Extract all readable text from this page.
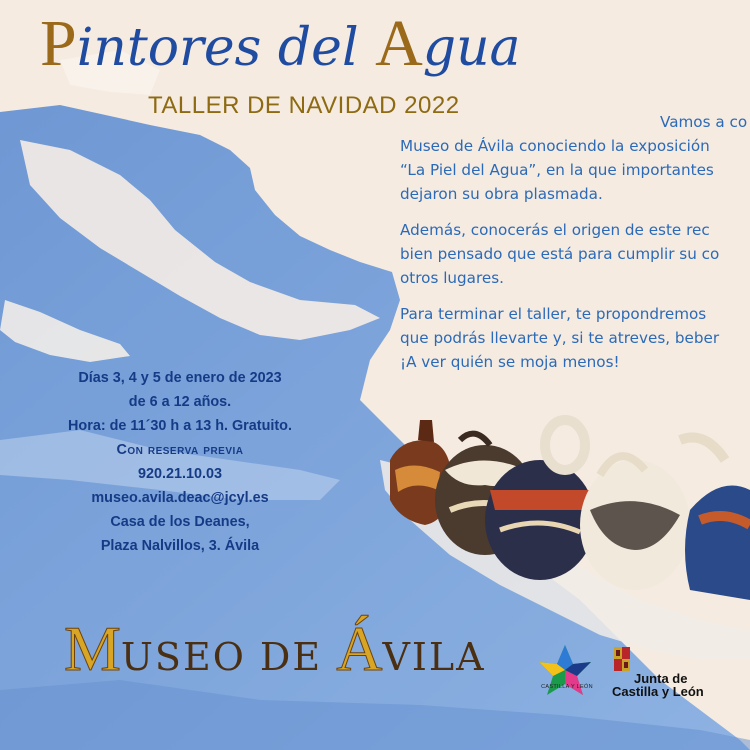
Pintores del Agua
TALLER DE NAVIDAD 2022

Vamos a co
Museo de Ávila conociendo la exposición
“La Piel del Agua”, en la que importantes
dejaron su obra plasmada.

Además, conocerás el origen de este rec
bien pensado que está para cumplir su co
otros lugares.

Para terminar el taller, te propondremos
que podrás llevarte y, si te atreves, beber
¡A ver quién se moja menos!

Días 3, 4 y 5 de enero de 2023
de 6 a 12 años.
Hora: de 11´30 h a 13 h. Gratuito.
Con reserva previa
920.21.10.03
museo.avila.deac@jcyl.es
Casa de los Deanes,
Plaza Nalvillos, 3. Ávila
MUSEO DE ÁVILA
CASTILLA Y LEÓN
Junta de
Castilla y León
